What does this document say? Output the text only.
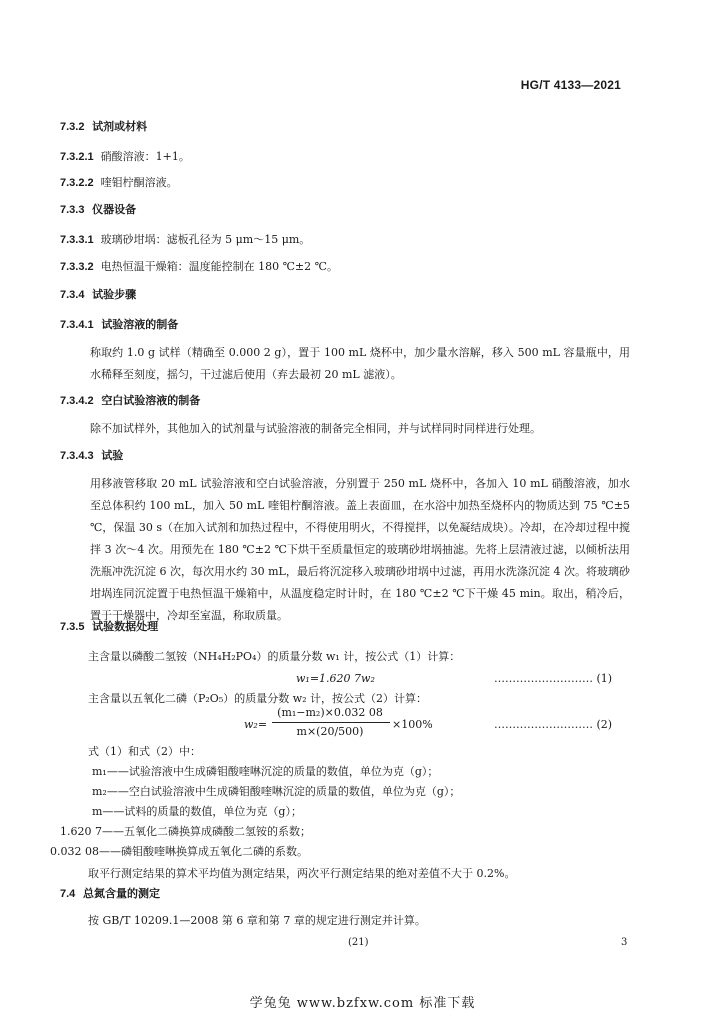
HG/T 4133—2021
7.3.2 试剂或材料
7.3.2.1 硝酸溶液：1+1。
7.3.2.2 喹钼柠酮溶液。
7.3.3 仪器设备
7.3.3.1 玻璃砂坩埚：滤板孔径为 5 μm～15 μm。
7.3.3.2 电热恒温干燥箱：温度能控制在 180 ℃±2 ℃。
7.3.4 试验步骤
7.3.4.1 试验溶液的制备
称取约 1.0 g 试样（精确至 0.000 2 g），置于 100 mL 烧杯中，加少量水溶解，移入 500 mL 容量瓶中，用水稀释至刻度，摇匀，干过滤后使用（弃去最初 20 mL 滤液）。
7.3.4.2 空白试验溶液的制备
除不加试样外，其他加入的试剂量与试验溶液的制备完全相同，并与试样同时同样进行处理。
7.3.4.3 试验
用移液管移取 20 mL 试验溶液和空白试验溶液，分别置于 250 mL 烧杯中，各加入 10 mL 硝酸溶液，加水至总体积约 100 mL，加入 50 mL 喹钼柠酮溶液。盖上表面皿，在水浴中加热至烧杯内的物质达到 75 ℃±5 ℃，保温 30 s（在加入试剂和加热过程中，不得使用明火，不得搅拌，以免凝结成块）。冷却，在冷却过程中搅拌 3 次～4 次。用预先在 180 ℃±2 ℃下烘干至质量恒定的玻璃砂坩埚抽滤。先将上层清液过滤，以倾析法用洗瓶冲洗沉淀 6 次，每次用水约 30 mL，最后将沉淀移入玻璃砂坩埚中过滤，再用水洗涤沉淀 4 次。将玻璃砂坩埚连同沉淀置于电热恒温干燥箱中，从温度稳定时计时，在 180 ℃±2 ℃下干燥 45 min。取出，稍冷后，置于干燥器中，冷却至室温，称取质量。
7.3.5 试验数据处理
主含量以磷酸二氢铵（NH₄H₂PO₄）的质量分数 w₁ 计，按公式（1）计算：
w₁=1.620 7w₂	……………………… (1)
主含量以五氧化二磷（P₂O₅）的质量分数 w₂ 计，按公式（2）计算：
w₂=
(m₁−m₂)×0.032 08
m×(20/500)
×100%	……………………… (2)
式（1）和式（2）中：
m₁——试验溶液中生成磷钼酸喹啉沉淀的质量的数值，单位为克（g）；
m₂——空白试验溶液中生成磷钼酸喹啉沉淀的质量的数值，单位为克（g）；
m——试料的质量的数值，单位为克（g）；
1.620 7——五氧化二磷换算成磷酸二氢铵的系数；
0.032 08——磷钼酸喹啉换算成五氧化二磷的系数。
取平行测定结果的算术平均值为测定结果，两次平行测定结果的绝对差值不大于 0.2%。
7.4 总氮含量的测定
按 GB/T 10209.1—2008 第 6 章和第 7 章的规定进行测定并计算。
(21)	3
学兔兔 www.bzfxw.com 标准下载
